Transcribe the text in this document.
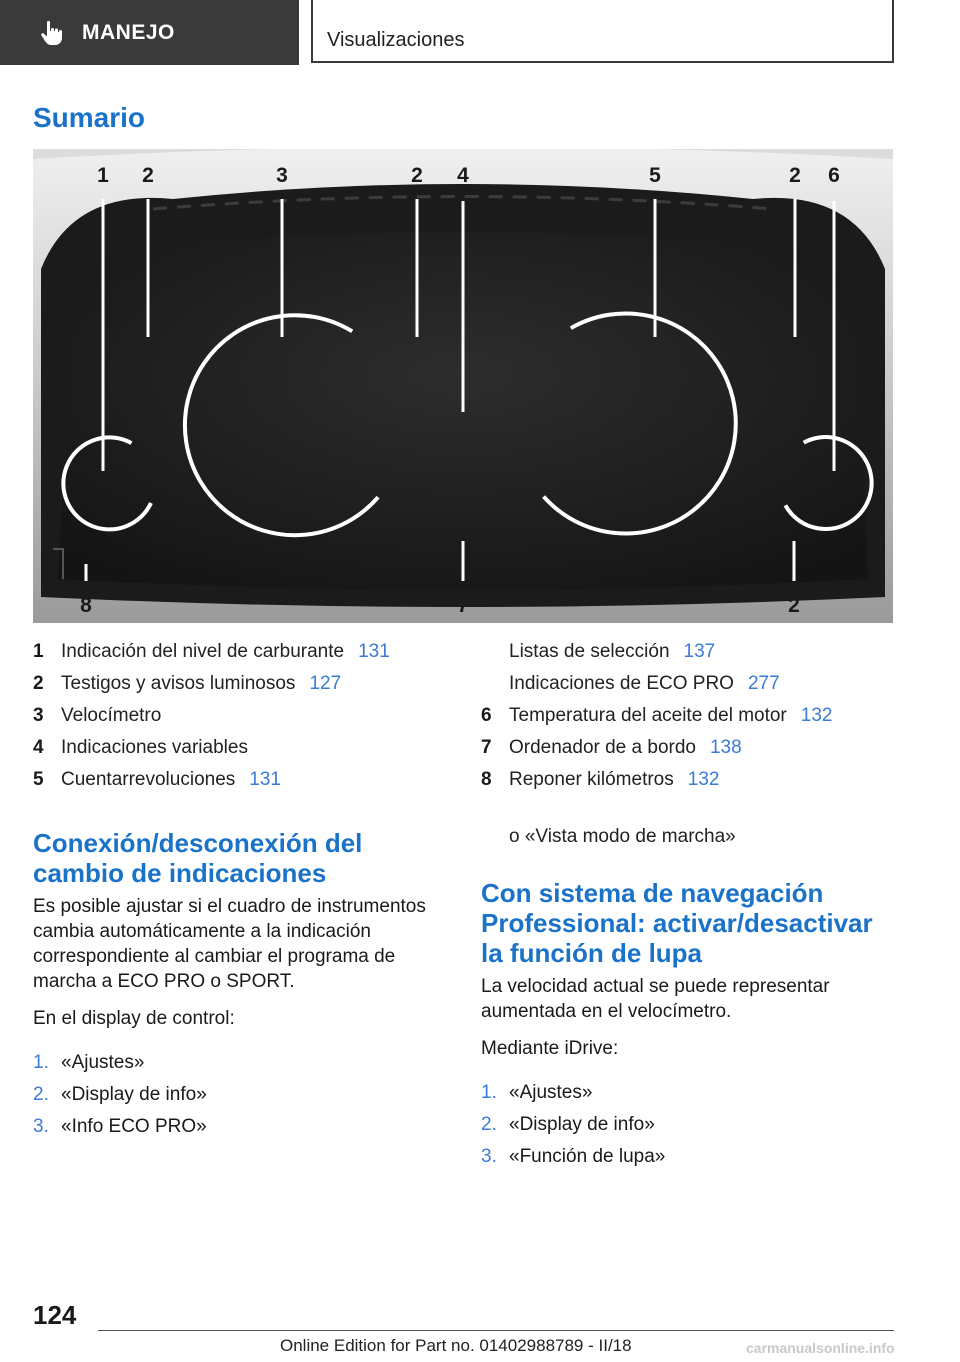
MANEJO	Visualizaciones
Sumario
1 2	3	2 4	5	2 6
8	7	2
1 Indicación del nivel de carburante 131
2 Testigos y avisos luminosos 127
3 Velocímetro
4 Indicaciones variables
5 Cuentarrevoluciones 131
Listas de selección 137
Indicaciones de ECO PRO 277
6 Temperatura del aceite del motor 132
7 Ordenador de a bordo 138
8 Reponer kilómetros 132
Conexión/desconexión del
cambio de indicaciones

Es posible ajustar si el cuadro de instrumentos cambia automáticamente a la indicación correspondiente al cambiar el programa de marcha a ECO PRO o SPORT.

En el display de control:

1. «Ajustes»
2. «Display de info»
3. «Info ECO PRO»
o «Vista modo de marcha»
Con sistema de navegación
Professional: activar/desactivar
la función de lupa

La velocidad actual se puede representar aumentada en el velocímetro.

Mediante iDrive:

1. «Ajustes»
2. «Display de info»
3. «Función de lupa»
124
Online Edition for Part no. 01402988789 - II/18	carmanualsonline.info
